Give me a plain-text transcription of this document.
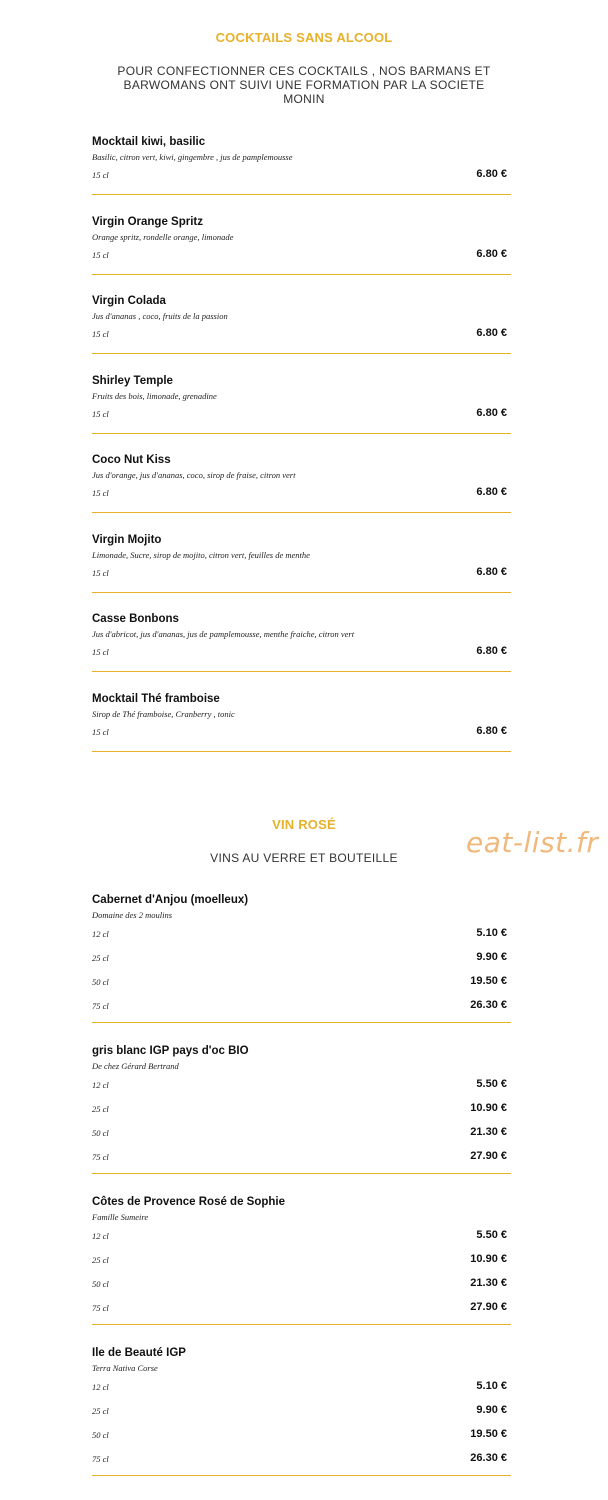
COCKTAILS SANS ALCOOL
POUR CONFECTIONNER CES COCKTAILS , NOS BARMANS ET BARWOMANS ONT SUIVI UNE FORMATION PAR LA SOCIETE MONIN
Mocktail kiwi, basilic
Basilic, citron vert, kiwi, gingembre , jus de pamplemousse
15 cl	6.80 €
Virgin Orange Spritz
Orange spritz, rondelle orange, limonade
15 cl	6.80 €
Virgin Colada
Jus d'ananas , coco, fruits de la passion
15 cl	6.80 €
Shirley Temple
Fruits des bois, limonade, grenadine
15 cl	6.80 €
Coco Nut Kiss
Jus d'orange, jus d'ananas, coco, sirop de fraise, citron vert
15 cl	6.80 €
Virgin Mojito
Limonade, Sucre, sirop de mojito, citron vert, feuilles de menthe
15 cl	6.80 €
Casse Bonbons
Jus d'abricot, jus d'ananas, jus de pamplemousse, menthe fraiche, citron vert
15 cl	6.80 €
Mocktail Thé framboise
Sirop de Thé framboise, Cranberry , tonic
15 cl	6.80 €
VIN ROSÉ
VINS AU VERRE ET BOUTEILLE
Cabernet d'Anjou (moelleux)
Domaine des 2 moulins
12 cl	5.10 €
25 cl	9.90 €
50 cl	19.50 €
75 cl	26.30 €
gris blanc IGP pays d'oc BIO
De chez Gérard Bertrand
12 cl	5.50 €
25 cl	10.90 €
50 cl	21.30 €
75 cl	27.90 €
Côtes de Provence Rosé de Sophie
Famille Sumeire
12 cl	5.50 €
25 cl	10.90 €
50 cl	21.30 €
75 cl	27.90 €
Ile de Beauté IGP
Terra Nativa Corse
12 cl	5.10 €
25 cl	9.90 €
50 cl	19.50 €
75 cl	26.30 €
eat-list.fr
